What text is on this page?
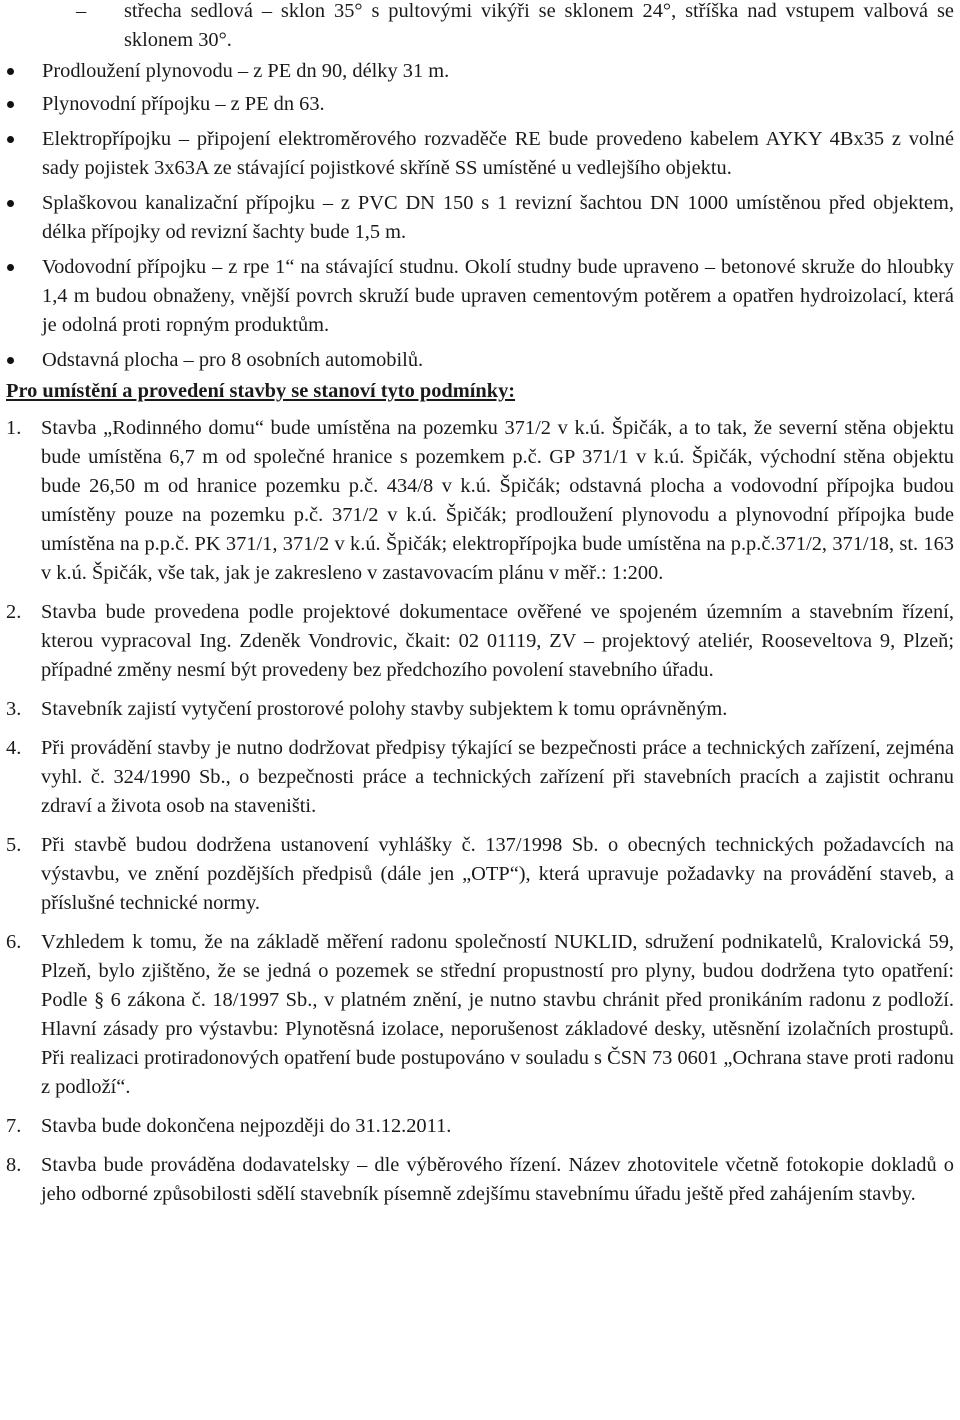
–	střecha sedlová – sklon 35° s pultovými vikýři se sklonem 24°, stříška nad vstupem valbová se sklonem 30°.
Prodloužení plynovodu – z PE dn 90, délky 31 m.
Plynovodní přípojku – z PE dn 63.
Elektropřípojku – připojení elektroměrového rozvaděče RE bude provedeno kabelem AYKY 4Bx35 z volné sady pojistek 3x63A ze stávající pojistkové skříně SS umístěné u vedlejšího objektu.
Splaškovou kanalizační přípojku – z PVC DN 150 s 1 revizní šachtou DN 1000 umístěnou před objektem, délka přípojky od revizní šachty bude 1,5 m.
Vodovodní přípojku – z rpe 1“ na stávající studnu. Okolí studny bude upraveno – betonové skruže do hloubky 1,4 m budou obnaženy, vnější povrch skruží bude upraven cementovým potěrem a opatřen hydroizolací, která je odolná proti ropným produktům.
Odstavná plocha – pro 8 osobních automobilů.
Pro umístění a provedení stavby se stanoví tyto podmínky:
1. Stavba „Rodinného domu“ bude umístěna na pozemku 371/2 v k.ú. Špičák, a to tak, že severní stěna objektu bude umístěna 6,7 m od společné hranice s pozemkem p.č. GP 371/1 v k.ú. Špičák, východní stěna objektu bude 26,50 m od hranice pozemku p.č. 434/8 v k.ú. Špičák; odstavná plocha a vodovodní přípojka budou umístěny pouze na pozemku p.č. 371/2 v k.ú. Špičák; prodloužení plynovodu a plynovodní přípojka bude umístěna na p.p.č. PK 371/1, 371/2 v k.ú. Špičák; elektropřípojka bude umístěna na p.p.č.371/2, 371/18, st. 163 v k.ú. Špičák, vše tak, jak je zakresleno v zastavovacím plánu v měř.: 1:200.
2. Stavba bude provedena podle projektové dokumentace ověřené ve spojeném územním a stavebním řízení, kterou vypracoval Ing. Zdeněk Vondrovic, čkait: 02 01119, ZV – projektový ateliér, Rooseveltova 9, Plzeň; případné změny nesmí být provedeny bez předchozího povolení stavebního úřadu.
3. Stavebník zajistí vytyčení prostorové polohy stavby subjektem k tomu oprávněným.
4. Při provádění stavby je nutno dodržovat předpisy týkající se bezpečnosti práce a technických zařízení, zejména vyhl. č. 324/1990 Sb., o bezpečnosti práce a technických zařízení při stavebních pracích a zajistit ochranu zdraví a života osob na staveništi.
5. Při stavbě budou dodržena ustanovení vyhlášky č. 137/1998 Sb. o obecných technických požadavcích na výstavbu, ve znění pozdějších předpisů (dále jen „OTP“), která upravuje požadavky na provádění staveb, a příslušné technické normy.
6. Vzhledem k tomu, že na základě měření radonu společností NUKLID, sdružení podnikatelů, Kralovická 59, Plzeň, bylo zjištěno, že se jedná o pozemek se střední propustností pro plyny, budou dodržena tyto opatření: Podle § 6 zákona č. 18/1997 Sb., v platném znění, je nutno stavbu chránit před pronikáním radonu z podloží. Hlavní zásady pro výstavbu: Plynotěsná izolace, neporušenost základové desky, utěsnění izolačních prostupů. Při realizaci protiradonových opatření bude postupováno v souladu s ČSN 73 0601 „Ochrana stave proti radonu z podloží“.
7. Stavba bude dokončena nejpozději do 31.12.2011.
8. Stavba bude prováděna dodavatelsky – dle výběrového řízení. Název zhotovitele včetně fotokopie dokladů o jeho odborné způsobilosti sdělí stavebník písemně zdejšímu stavebnímu úřadu ještě před zahájením stavby.
